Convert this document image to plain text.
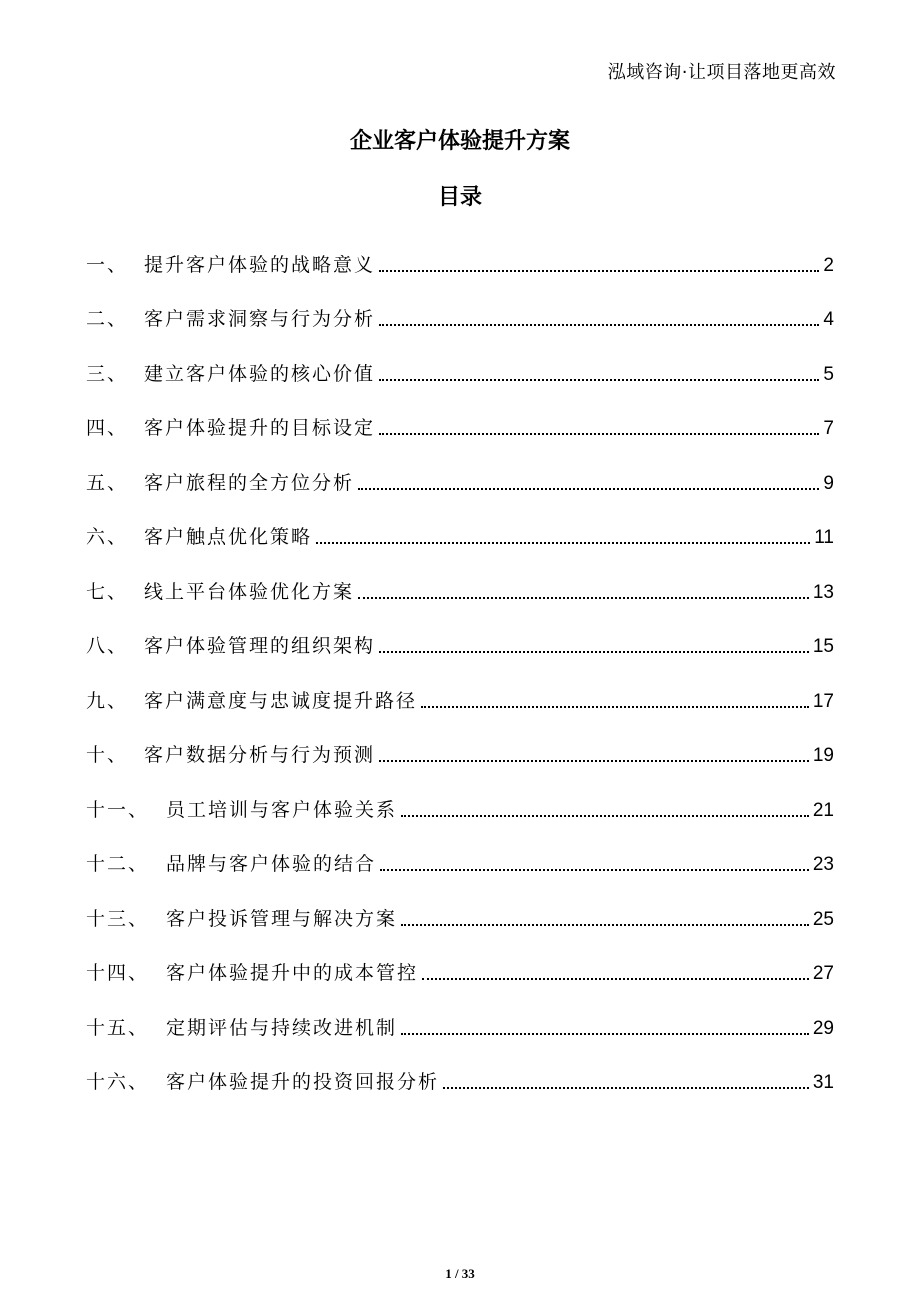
泓域咨询·让项目落地更高效
企业客户体验提升方案
目录
一、 提升客户体验的战略意义	2
二、 客户需求洞察与行为分析	4
三、 建立客户体验的核心价值	5
四、 客户体验提升的目标设定	7
五、 客户旅程的全方位分析	9
六、 客户触点优化策略	11
七、 线上平台体验优化方案	13
八、 客户体验管理的组织架构	15
九、 客户满意度与忠诚度提升路径	17
十、 客户数据分析与行为预测	19
十一、 员工培训与客户体验关系	21
十二、 品牌与客户体验的结合	23
十三、 客户投诉管理与解决方案	25
十四、 客户体验提升中的成本管控	27
十五、 定期评估与持续改进机制	29
十六、 客户体验提升的投资回报分析	31
1 / 33
